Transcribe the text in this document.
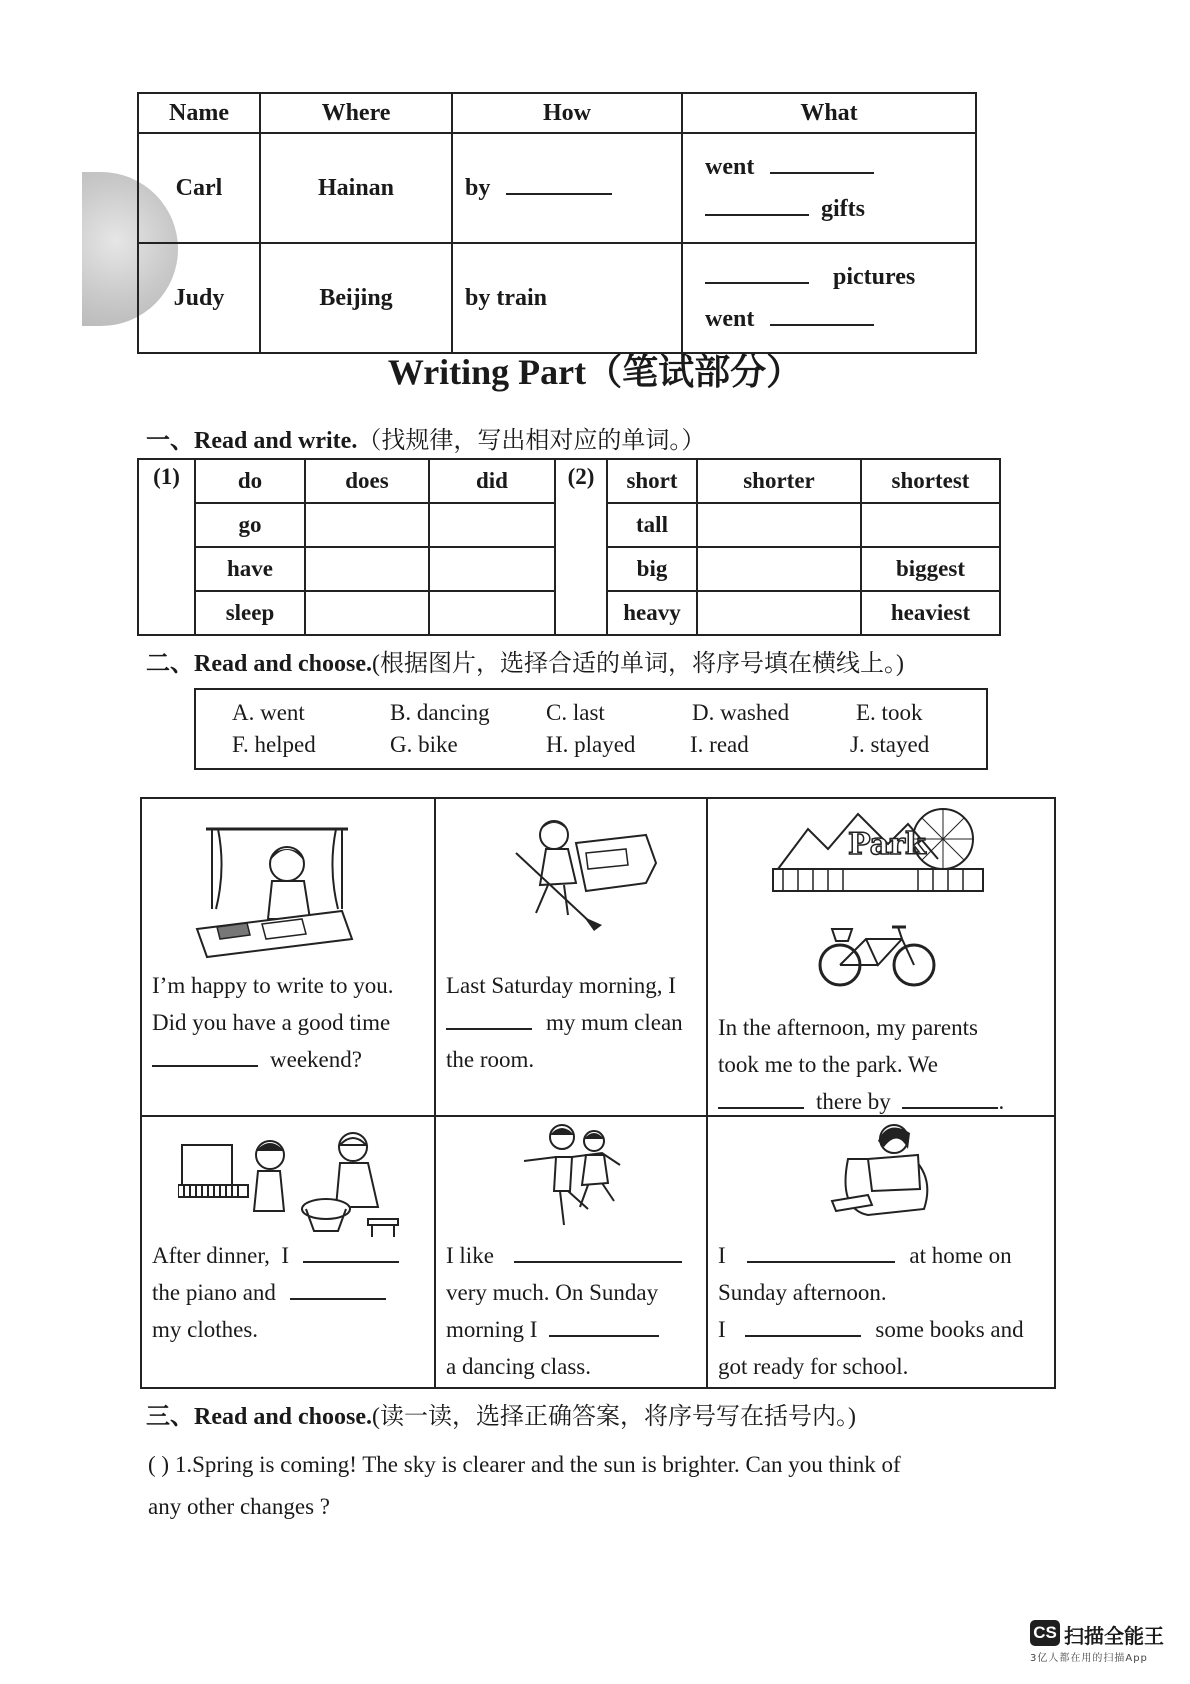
Name	Where	How	What
Carl	Hainan	by	went
gifts

Judy	Beijing	by train	pictures
went
Writing Part（笔试部分）
一、Read and write.（找规律，写出相对应的单词。）
(1)	do	does	did	(2)	short	shorter	shortest
	go				tall		
	have				big		biggest
	sleep				heavy		heaviest
二、Read and choose.(根据图片，选择合适的单词，将序号填在横线上。)
A. went	B. dancing C. last	D. washed	E. took
F. helped	G. bike	H. played I. read	J. stayed
I’m happy to write to you.
Did you have a good time
weekend?
Last Saturday morning, I
my mum clean
the room.
Park
In the afternoon, my parents
took me to the park. We
there by	.
After dinner, I
the piano and
my clothes.
I like
very much. On Sunday
morning I
a dancing class.
I	at home on
Sunday afternoon.
I	some books and
got ready for school.
三、Read and choose.(读一读，选择正确答案，将序号写在括号内。)
( ) 1.Spring is coming! The sky is clearer and the sun is brighter. Can you think of
any other changes ?
CS 扫描全能王
3亿人都在用的扫描App
